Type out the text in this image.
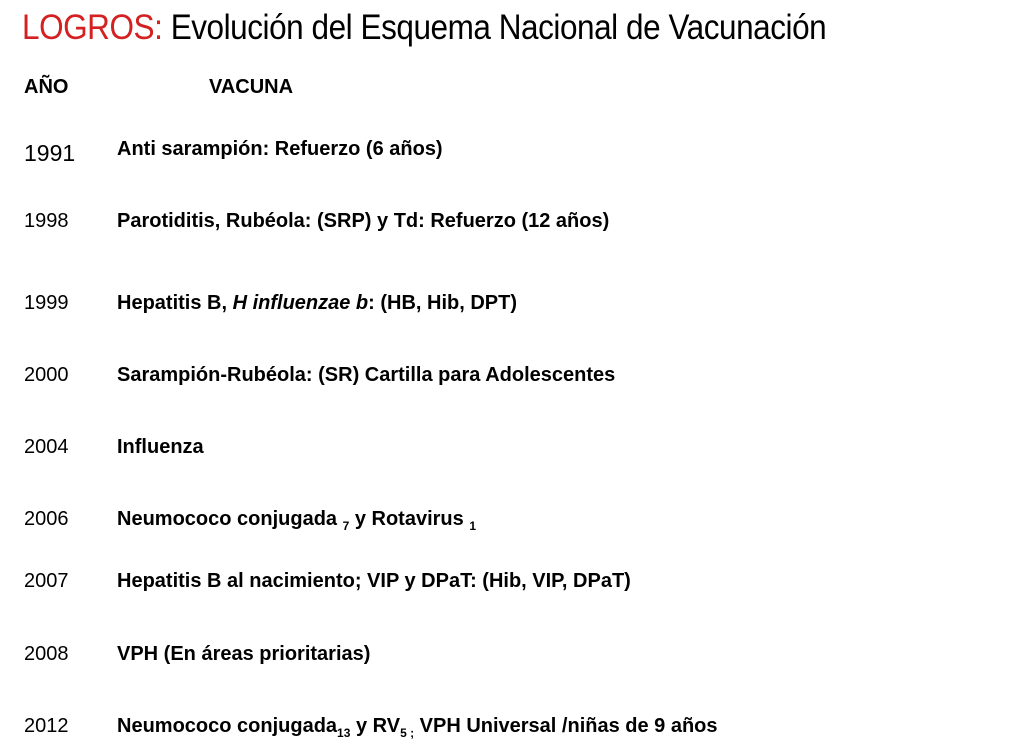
LOGROS: Evolución del Esquema Nacional de Vacunación
AÑO	VACUNA
1991 Anti sarampión: Refuerzo (6 años)
1998 Parotiditis, Rubéola: (SRP) y Td: Refuerzo (12 años)
1999 Hepatitis B, H influenzae b: (HB, Hib, DPT)
2000 Sarampión-Rubéola: (SR) Cartilla para Adolescentes
2004 Influenza
2006 Neumococo conjugada $_7$ y Rotavirus $_1$
2007 Hepatitis B al nacimiento; VIP y DPaT: (Hib, VIP, DPaT)
2008 VPH (En áreas prioritarias)
2012 Neumococo conjugada$_{13}$ y $RV_{5 ;}$ VPH Universal /niñas de 9 años
